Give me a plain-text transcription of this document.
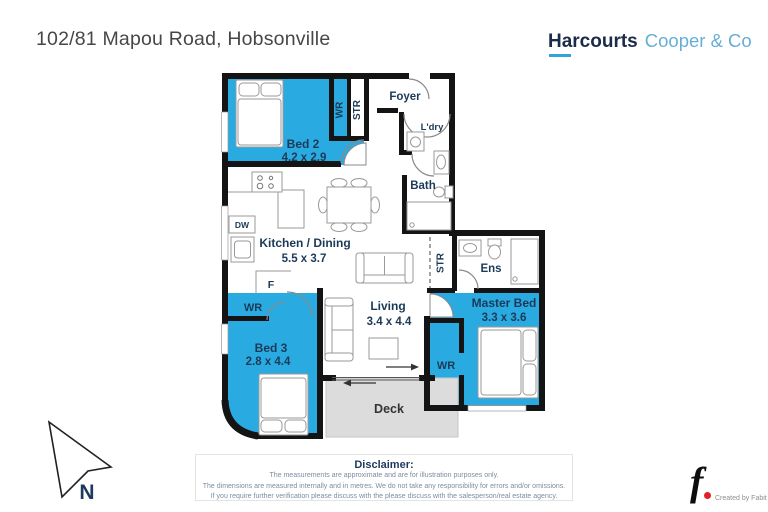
102/81 Mapou Road, Hobsonville	Harcourts Cooper & Co
Bed 2
4.2 x 2.9
WR STR
Foyer
L'dry
Bath
Kitchen / Dining
5.5 x 3.7
DW
F
STR	Ens
Master Bed
3.3 x 3.6
WR
Living
3.4 x 4.4
WR
Bed 3
2.8 x 4.4
Deck
N
Disclaimer:
The measurements are approximate and are for illustration purposes only.
The dimensions are measured internally and in metres. We do not take any responsibility for errors and/or omissions.
If you require further verification please discuss with the please discuss with the salesperson/real estate agency.	f Created by Fabit
